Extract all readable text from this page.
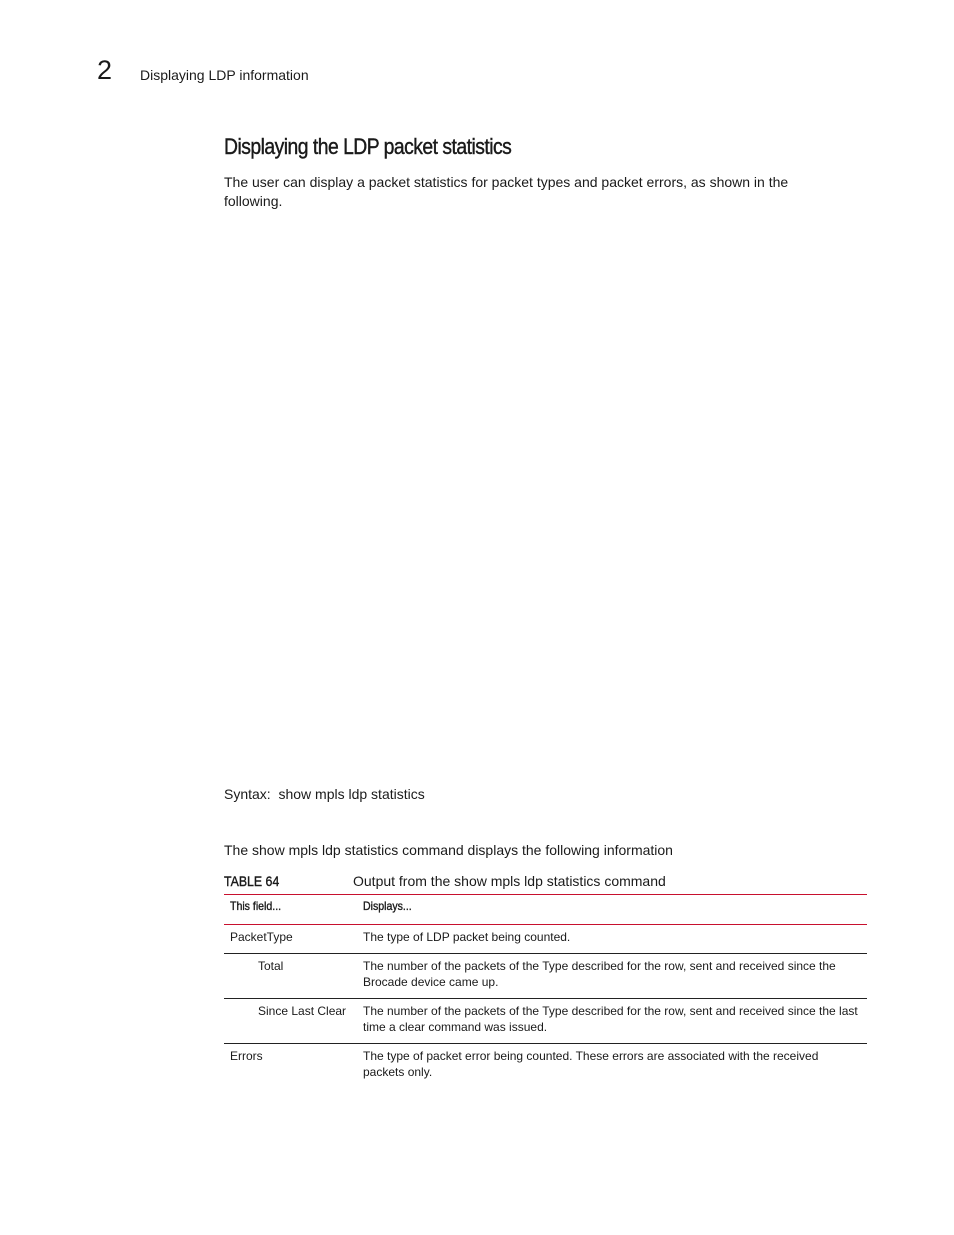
2 Displaying LDP information
Displaying the LDP packet statistics

The user can display a packet statistics for packet types and packet errors, as shown in the following.

Syntax:  show mpls ldp statistics

The show mpls ldp statistics command displays the following information

TABLE 64	Output from the show mpls ldp statistics command
This field...	Displays...
PacketType	The type of LDP packet being counted.
Total	The number of the packets of the Type described for the row, sent and received since the Brocade device came up.
Since Last Clear	The number of the packets of the Type described for the row, sent and received since the last time a clear command was issued.
Errors	The type of packet error being counted. These errors are associated with the received packets only.
